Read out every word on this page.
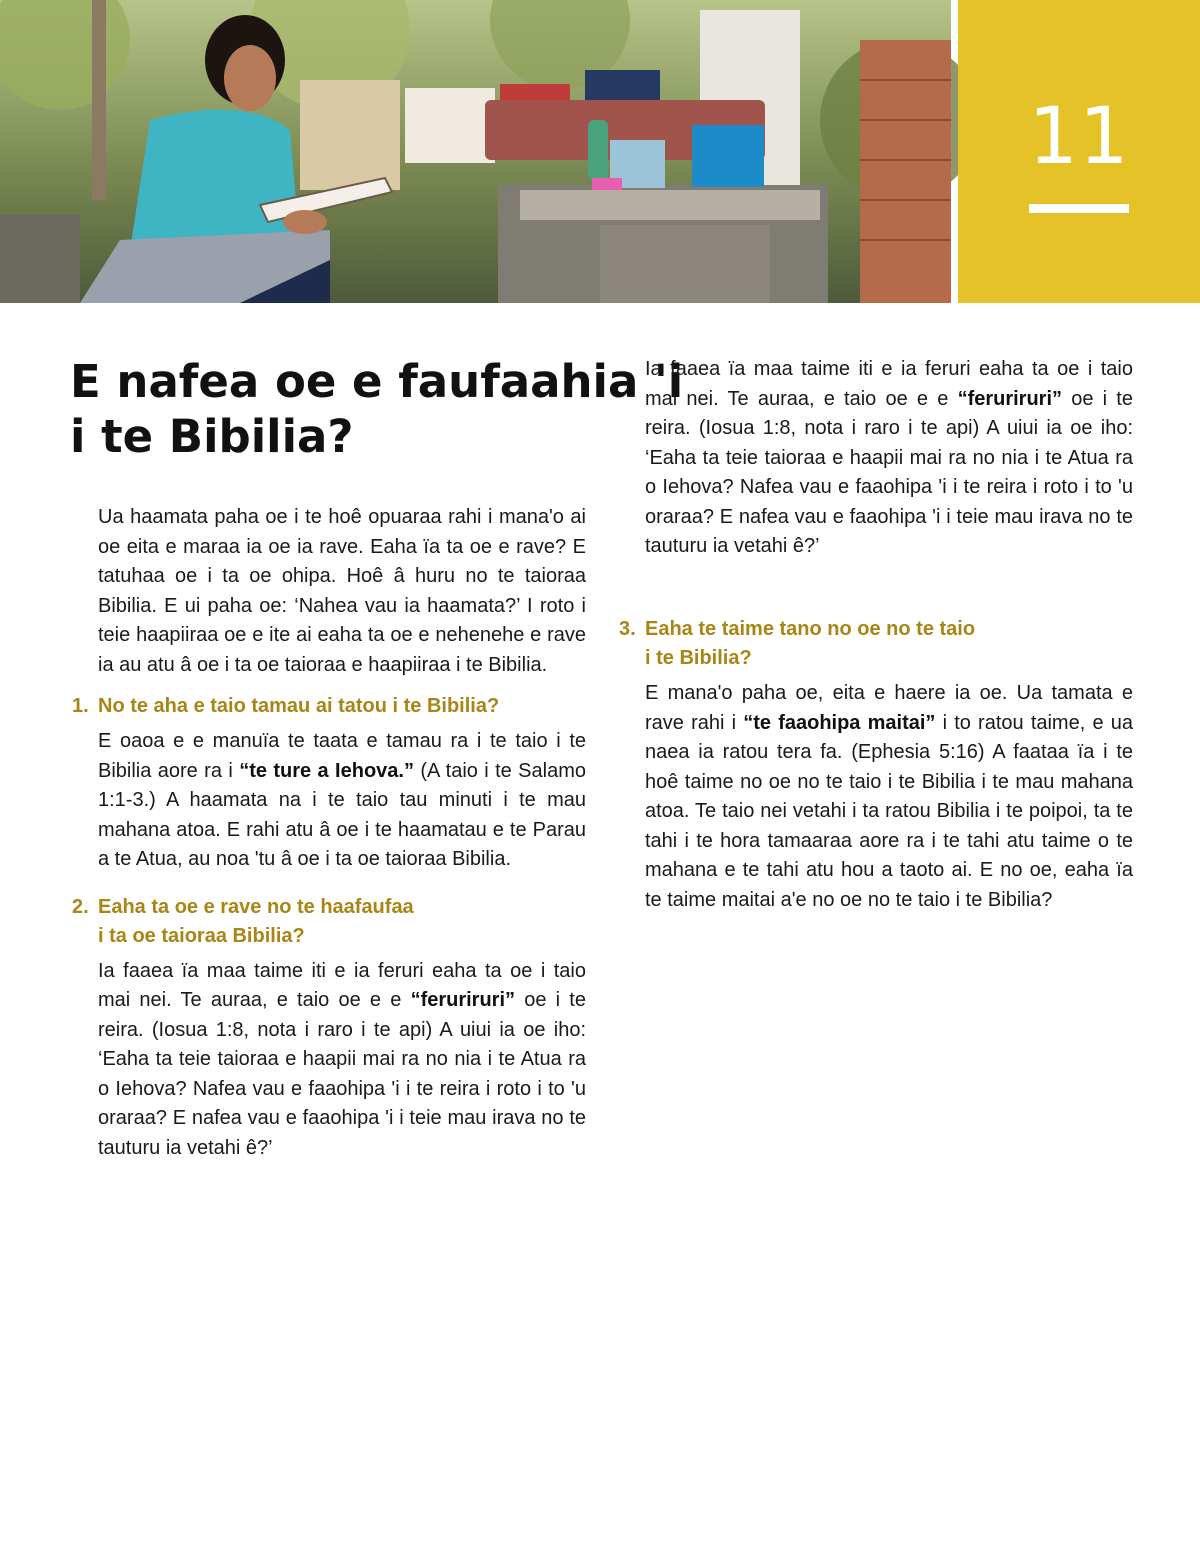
11
E nafea oe e faufaahia 'i
i te Bibilia?

Ua haamata paha oe i te hoê opuaraa rahi i mana'o ai oe eita e maraa ia oe ia rave. Eaha ïa ta oe e rave? E tatuhaa oe i ta oe ohipa. Hoê â huru no te taioraa Bibilia. E ui paha oe: ‘Nahea vau ia haamata?’ I roto i teie haapiiraa oe e ite ai eaha ta oe e nehenehe e rave ia au atu â oe i ta oe taioraa e haapiiraa i te Bibilia.

1. No te aha e taio tamau ai tatou i te Bibilia?

E oaoa e e manuïa te taata e tamau ra i te taio i te Bibilia aore ra i “te ture a Iehova.” (A taio i te Salamo 1:1-3.) A haamata na i te taio tau minuti i te mau mahana atoa. E rahi atu â oe i te haamatau e te Parau a te Atua, au noa 'tu â oe i ta oe taioraa Bibilia.

2. Eaha ta oe e rave no te haafaufaa
i ta oe taioraa Bibilia?

Ia faaea ïa maa taime iti e ia feruri eaha ta oe i taio mai nei. Te auraa, e taio oe e e “feruriruri” oe i te reira. (Iosua 1:8, nota i raro i te api) A uiui ia oe iho: ‘Eaha ta teie taioraa e haapii mai ra no nia i te Atua ra o Iehova? Nafea vau e faaohipa 'i i te reira i roto i to 'u oraraa? E nafea vau e faaohipa 'i i teie mau irava no te tauturu ia vetahi ê?’

Ia faaea ïa maa taime iti e ia feruri eaha ta oe i taio mai nei. Te auraa, e taio oe e e “feruriruri” oe i te reira. (Iosua 1:8, nota i raro i te api) A uiui ia oe iho: ‘Eaha ta teie taioraa e haapii mai ra no nia i te Atua ra o Iehova? Nafea vau e faaohipa 'i i te reira i roto i to 'u oraraa? E nafea vau e faaohipa 'i i teie mau irava no te tauturu ia vetahi ê?’

3. Eaha te taime tano no oe no te taio
i te Bibilia?

E mana'o paha oe, eita e haere ia oe. Ua tamata e rave rahi i “te faaohipa maitai” i to ratou taime, e ua naea ia ratou tera fa. (Ephesia 5:16) A faataa ïa i te hoê taime no oe no te taio i te Bibilia i te mau mahana atoa. Te taio nei vetahi i ta ratou Bibilia i te poipoi, ta te tahi i te hora tamaaraa aore ra i te tahi atu taime o te mahana e te tahi atu hou a taoto ai. E no oe, eaha ïa te taime maitai a'e no oe no te taio i te Bibilia?
